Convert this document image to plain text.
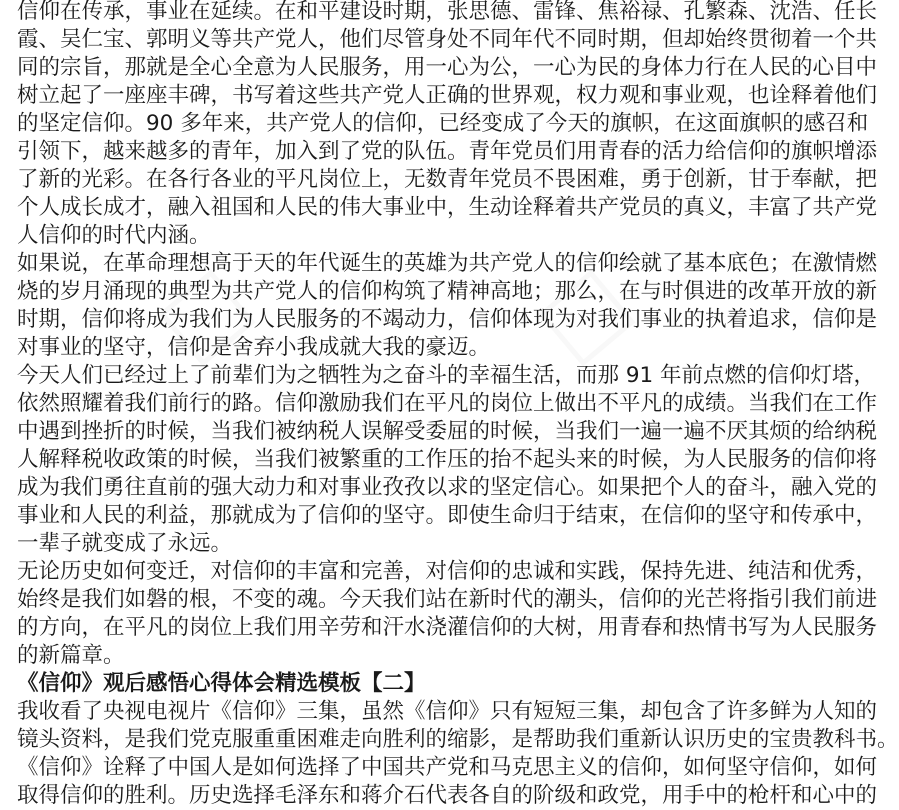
□	□
信仰在传承，事业在延续。在和平建设时期，张思德、雷锋、焦裕禄、孔繁森、沈浩、任长
霞、吴仁宝、郭明义等共产党人，他们尽管身处不同年代不同时期，但却始终贯彻着一个共
同的宗旨，那就是全心全意为人民服务，用一心为公，一心为民的身体力行在人民的心目中
树立起了一座座丰碑，书写着这些共产党人正确的世界观，权力观和事业观，也诠释着他们
的坚定信仰。90 多年来，共产党人的信仰，已经变成了今天的旗帜，在这面旗帜的感召和
引领下，越来越多的青年，加入到了党的队伍。青年党员们用青春的活力给信仰的旗帜增添
了新的光彩。在各行各业的平凡岗位上，无数青年党员不畏困难，勇于创新，甘于奉献，把
个人成长成才，融入祖国和人民的伟大事业中，生动诠释着共产党员的真义，丰富了共产党
人信仰的时代内涵。
如果说，在革命理想高于天的年代诞生的英雄为共产党人的信仰绘就了基本底色；在激情燃
烧的岁月涌现的典型为共产党人的信仰构筑了精神高地；那么，在与时俱进的改革开放的新
时期，信仰将成为我们为人民服务的不竭动力，信仰体现为对我们事业的执着追求，信仰是
对事业的坚守，信仰是舍弃小我成就大我的豪迈。
今天人们已经过上了前辈们为之牺牲为之奋斗的幸福生活，而那 91 年前点燃的信仰灯塔，
依然照耀着我们前行的路。信仰激励我们在平凡的岗位上做出不平凡的成绩。当我们在工作
中遇到挫折的时候，当我们被纳税人误解受委屈的时候，当我们一遍一遍不厌其烦的给纳税
人解释税收政策的时候，当我们被繁重的工作压的抬不起头来的时候，为人民服务的信仰将
成为我们勇往直前的强大动力和对事业孜孜以求的坚定信心。如果把个人的奋斗，融入党的
事业和人民的利益，那就成为了信仰的坚守。即使生命归于结束，在信仰的坚守和传承中，
一辈子就变成了永远。
无论历史如何变迁，对信仰的丰富和完善，对信仰的忠诚和实践，保持先进、纯洁和优秀，
始终是我们如磐的根，不变的魂。今天我们站在新时代的潮头，信仰的光芒将指引我们前进
的方向，在平凡的岗位上我们用辛劳和汗水浇灌信仰的大树，用青春和热情书写为人民服务
的新篇章。
《信仰》观后感悟心得体会精选模板【二】
我收看了央视电视片《信仰》三集，虽然《信仰》只有短短三集，却包含了许多鲜为人知的
镜头资料，是我们党克服重重困难走向胜利的缩影，是帮助我们重新认识历史的宝贵教科书。
《信仰》诠释了中国人是如何选择了中国共产党和马克思主义的信仰，如何坚守信仰，如何
取得信仰的胜利。历史选择毛泽东和蒋介石代表各自的阶级和政党，用手中的枪杆和心中的
